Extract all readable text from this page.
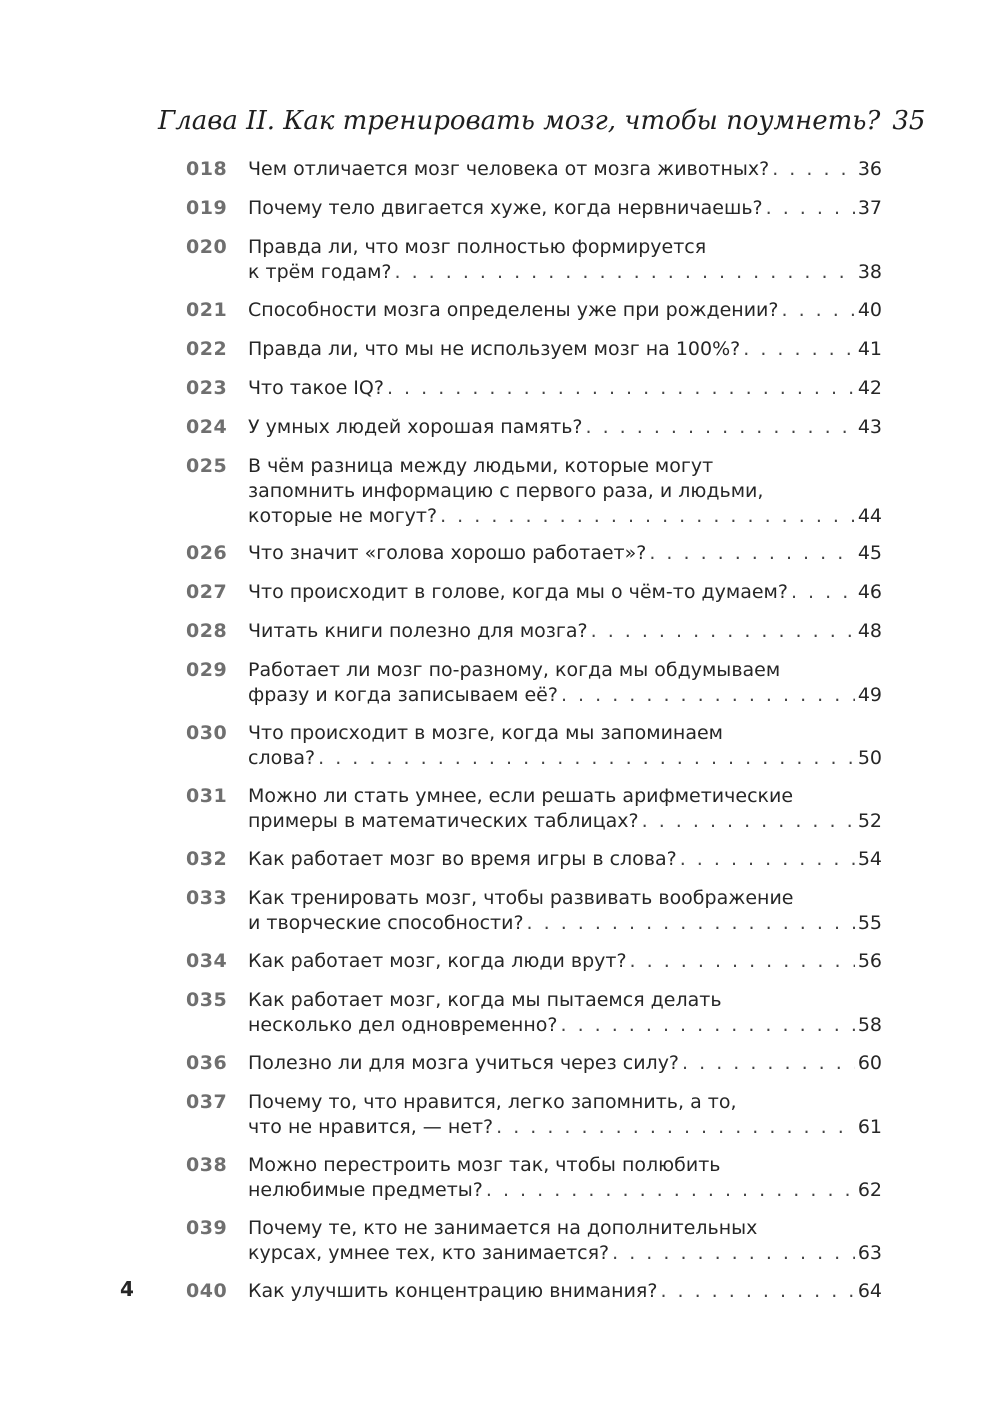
Глава II. Как тренировать мозг, чтобы поумнеть? 35
018	Чем отличается мозг человека от мозга животных? . . .	36
019	Почему тело двигается хуже, когда нервничаешь? . . .	37
020	Правда ли, что мозг полностью формируется
к трём годам? . . .	38
021	Способности мозга определены уже при рождении? . . .	40
022	Правда ли, что мы не используем мозг на 100%? . . .	41
023	Что такое IQ? . . .	42
024	У умных людей хорошая память? . . .	43
025	В чём разница между людьми, которые могут
запомнить информацию с первого раза, и людьми,
которые не могут? . . .	44
026	Что значит «голова хорошо работает»? . . .	45
027	Что происходит в голове, когда мы о чём-то думаем? . . .	46
028	Читать книги полезно для мозга? . . .	48
029	Работает ли мозг по-разному, когда мы обдумываем
фразу и когда записываем её? . . .	49
030	Что происходит в мозге, когда мы запоминаем
слова? . . .	50
031	Можно ли стать умнее, если решать арифметические
примеры в математических таблицах? . . .	52
032	Как работает мозг во время игры в слова? . . .	54
033	Как тренировать мозг, чтобы развивать воображение
и творческие способности? . . .	55
034	Как работает мозг, когда люди врут? . . .	56
035	Как работает мозг, когда мы пытаемся делать
несколько дел одновременно? . . .	58
036	Полезно ли для мозга учиться через силу? . . .	60
037	Почему то, что нравится, легко запомнить, а то,
что не нравится, — нет? . . .	61
038	Можно перестроить мозг так, чтобы полюбить
нелюбимые предметы? . . .	62
039	Почему те, кто не занимается на дополнительных
курсах, умнее тех, кто занимается? . . .	63
040	Как улучшить концентрацию внимания? . . .	64
4
